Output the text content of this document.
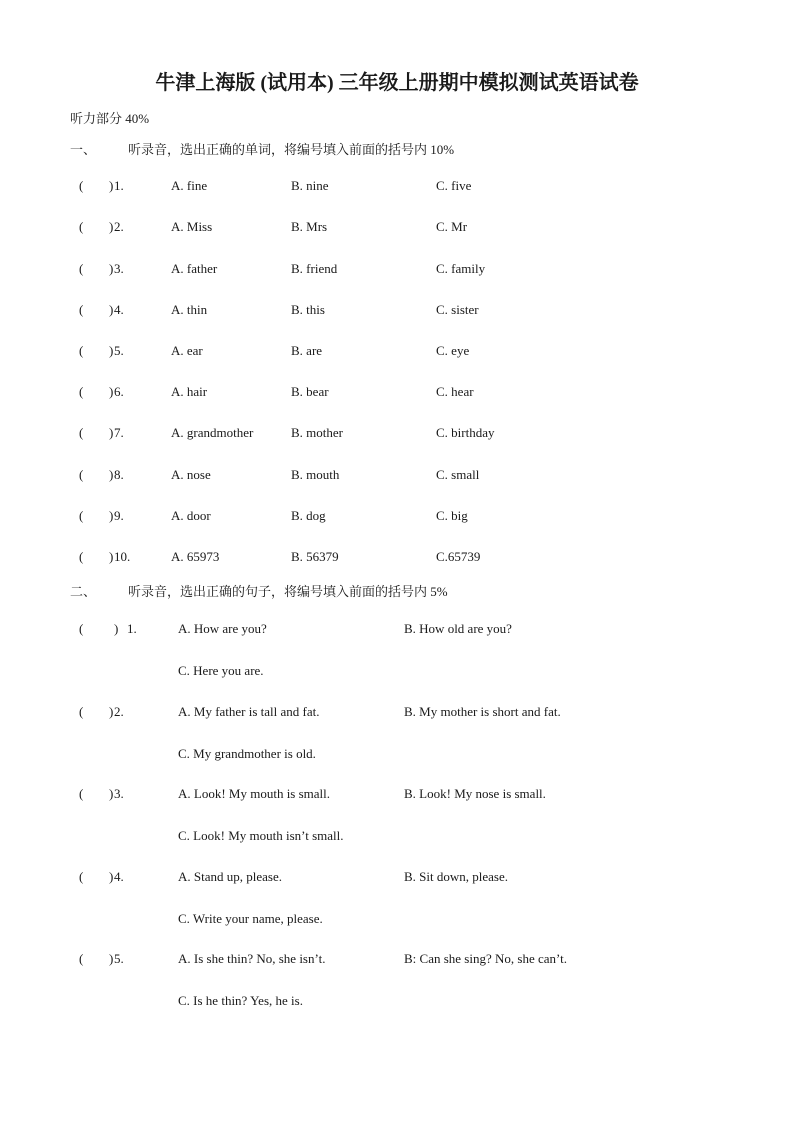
牛津上海版 (试用本) 三年级上册期中模拟测试英语试卷
听力部分 40%
一、 听录音，选出正确的单词，将编号填入前面的括号内 10%
( ) 1.	A. fine	B. nine	C. five
( ) 2.	A. Miss	B. Mrs	C. Mr
( ) 3.	A. father	B. friend	C. family
( ) 4.	A. thin	B. this	C. sister
( ) 5.	A. ear	B. are	C. eye
( ) 6.	A. hair	B. bear	C. hear
( ) 7.	A. grandmother	B. mother	C. birthday
( ) 8.	A. nose	B. mouth	C. small
( ) 9.	A. door	B. dog	C. big
( ) 10.	A. 65973	B. 56379	C.65739
二、 听录音，选出正确的句子，将编号填入前面的括号内 5%
( ) 1.	A. How are you?	B. How old are you?
C. Here you are.
( ) 2.	A. My father is tall and fat.	B. My mother is short and fat.
C. My grandmother is old.
( ) 3.	A. Look! My mouth is small.	B. Look! My nose is small.
C. Look! My mouth isn’t small.
( ) 4.	A. Stand up, please.	B. Sit down, please.
C. Write your name, please.
( ) 5.	A. Is she thin? No, she isn’t.	B: Can she sing? No, she can’t.
C. Is he thin? Yes, he is.
